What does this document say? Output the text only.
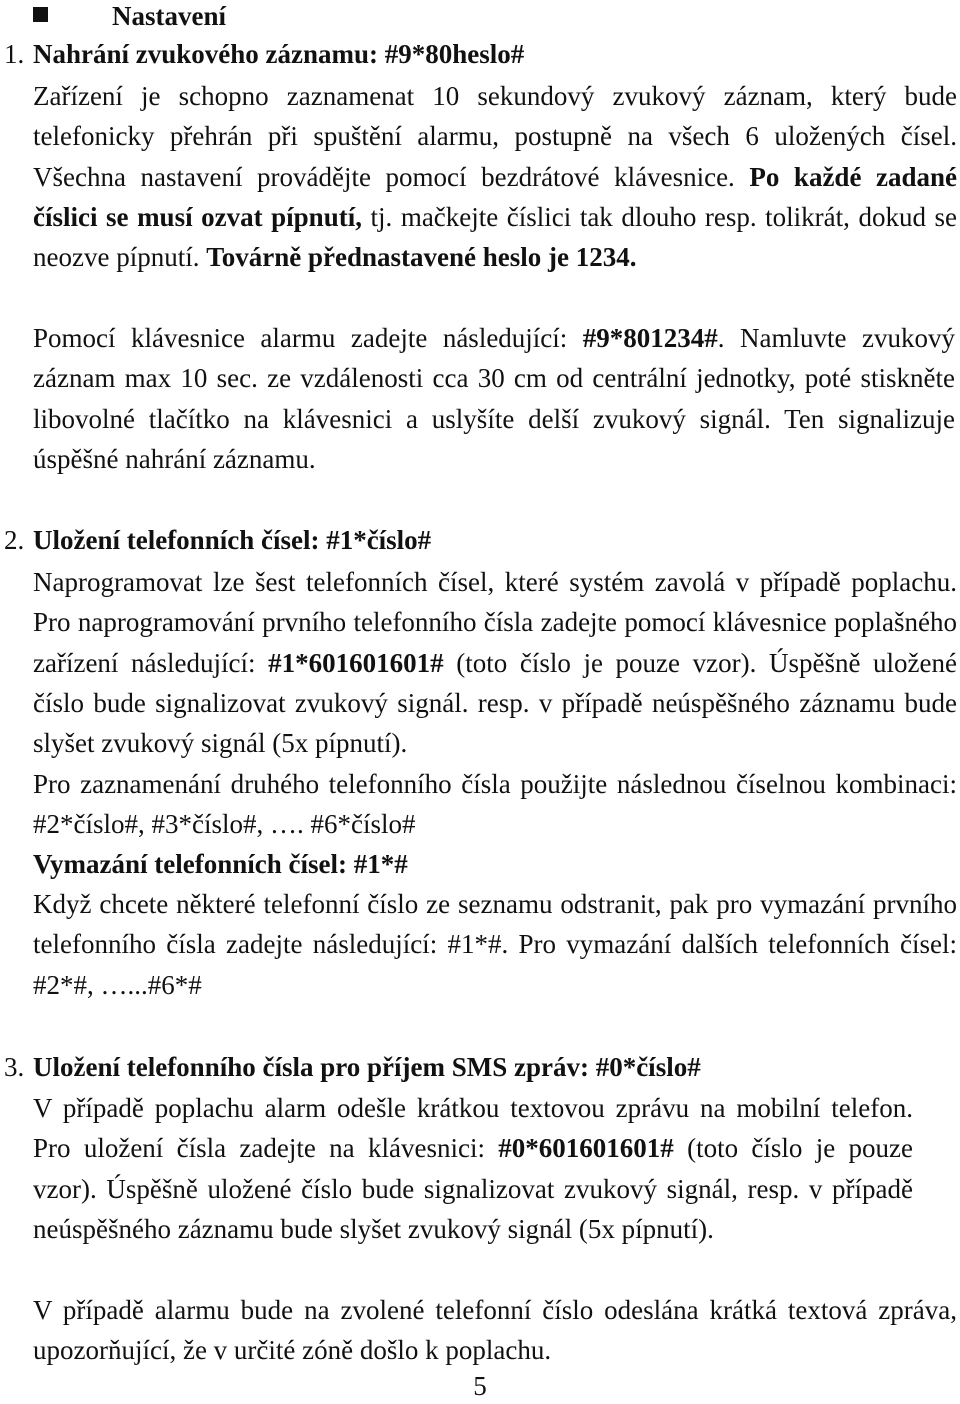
Nastavení
1. Nahrání zvukového záznamu: #9*80heslo#
Zařízení je schopno zaznamenat 10 sekundový zvukový záznam, který bude telefonicky přehrán při spuštění alarmu, postupně na všech 6 uložených čísel. Všechna nastavení provádějte pomocí bezdrátové klávesnice. Po každé zadané číslici se musí ozvat pípnutí, tj. mačkejte číslici tak dlouho resp. tolikrát, dokud se neozve pípnutí. Továrně přednastavené heslo je 1234.
Pomocí klávesnice alarmu zadejte následující: #9*801234#. Namluvte zvukový záznam max 10 sec. ze vzdálenosti cca 30 cm od centrální jednotky, poté stiskněte libovolné tlačítko na klávesnici a uslyšíte delší zvukový signál. Ten signalizuje úspěšné nahrání záznamu.
2. Uložení telefonních čísel: #1*číslo#
Naprogramovat lze šest telefonních čísel, které systém zavolá v případě poplachu. Pro naprogramování prvního telefonního čísla zadejte pomocí klávesnice poplašného zařízení následující: #1*601601601# (toto číslo je pouze vzor). Úspěšně uložené číslo bude signalizovat zvukový signál. resp. v případě neúspěšného záznamu bude slyšet zvukový signál (5x pípnutí).
Pro zaznamenání druhého telefonního čísla použijte následnou číselnou kombinaci: #2*číslo#, #3*číslo#, …. #6*číslo#
Vymazání telefonních čísel: #1*#
Když chcete některé telefonní číslo ze seznamu odstranit, pak pro vymazání prvního telefonního čísla zadejte následující: #1*#. Pro vymazání dalších telefonních čísel: #2*#, …...#6*#
3. Uložení telefonního čísla pro příjem SMS zpráv: #0*číslo#
V případě poplachu alarm odešle krátkou textovou zprávu na mobilní telefon. Pro uložení čísla zadejte na klávesnici: #0*601601601# (toto číslo je pouze vzor). Úspěšně uložené číslo bude signalizovat zvukový signál, resp. v případě neúspěšného záznamu bude slyšet zvukový signál (5x pípnutí).
V případě alarmu bude na zvolené telefonní číslo odeslána krátká textová zpráva, upozorňující, že v určité zóně došlo k poplachu.
5
